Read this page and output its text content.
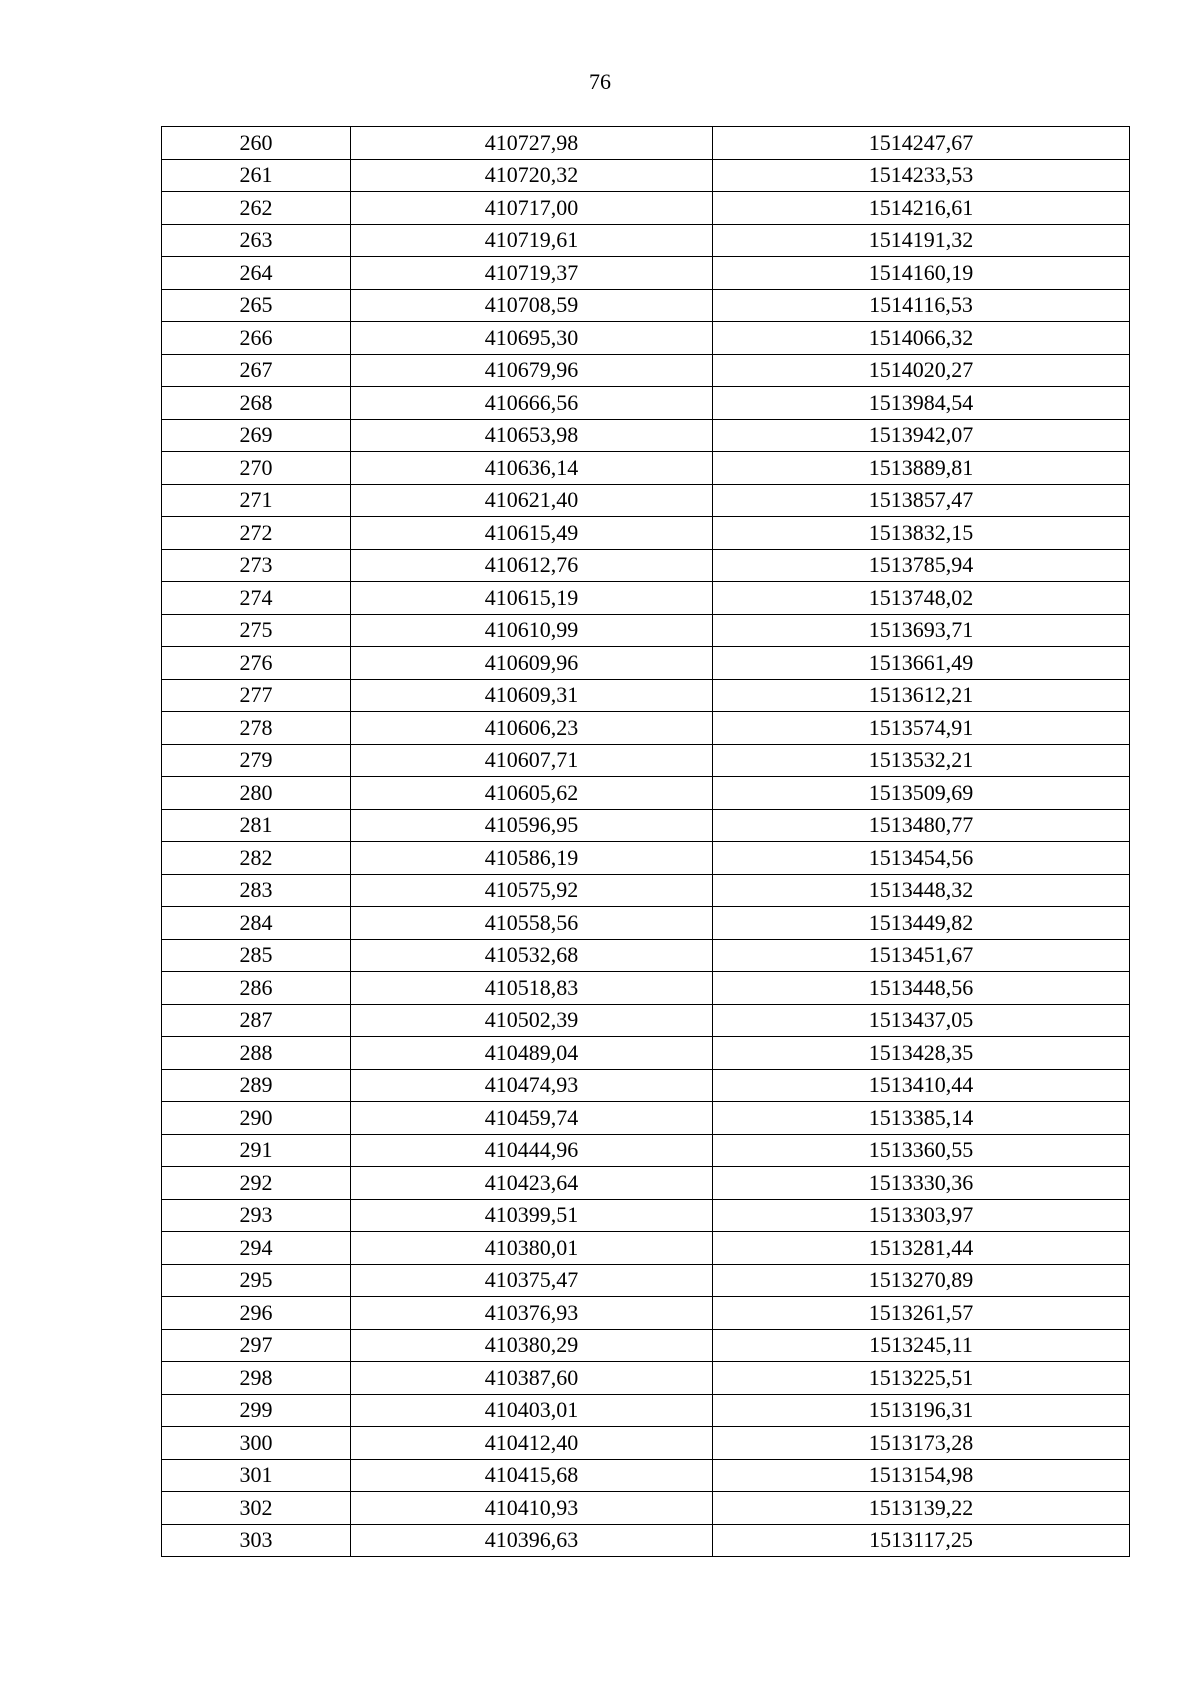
76
260	410727,98	1514247,67
261	410720,32	1514233,53
262	410717,00	1514216,61
263	410719,61	1514191,32
264	410719,37	1514160,19
265	410708,59	1514116,53
266	410695,30	1514066,32
267	410679,96	1514020,27
268	410666,56	1513984,54
269	410653,98	1513942,07
270	410636,14	1513889,81
271	410621,40	1513857,47
272	410615,49	1513832,15
273	410612,76	1513785,94
274	410615,19	1513748,02
275	410610,99	1513693,71
276	410609,96	1513661,49
277	410609,31	1513612,21
278	410606,23	1513574,91
279	410607,71	1513532,21
280	410605,62	1513509,69
281	410596,95	1513480,77
282	410586,19	1513454,56
283	410575,92	1513448,32
284	410558,56	1513449,82
285	410532,68	1513451,67
286	410518,83	1513448,56
287	410502,39	1513437,05
288	410489,04	1513428,35
289	410474,93	1513410,44
290	410459,74	1513385,14
291	410444,96	1513360,55
292	410423,64	1513330,36
293	410399,51	1513303,97
294	410380,01	1513281,44
295	410375,47	1513270,89
296	410376,93	1513261,57
297	410380,29	1513245,11
298	410387,60	1513225,51
299	410403,01	1513196,31
300	410412,40	1513173,28
301	410415,68	1513154,98
302	410410,93	1513139,22
303	410396,63	1513117,25
